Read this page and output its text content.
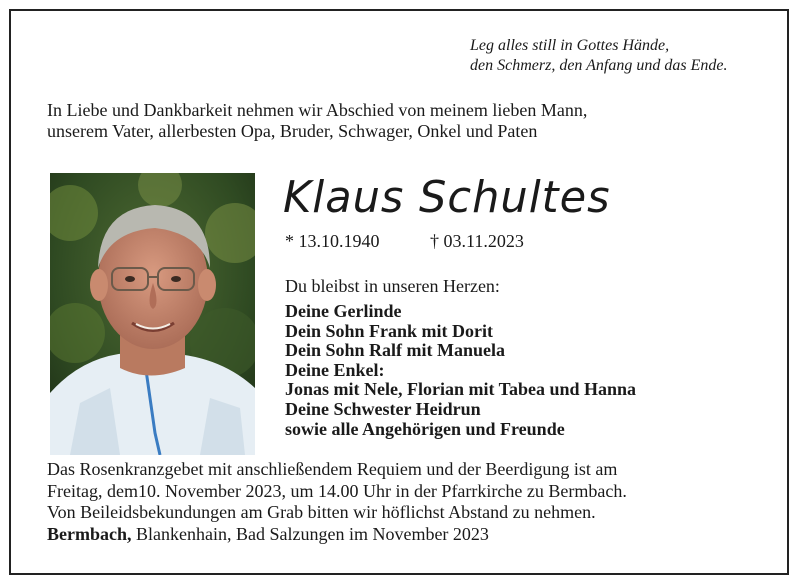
Leg alles still in Gottes Hände,
den Schmerz, den Anfang und das Ende.
In Liebe und Dankbarkeit nehmen wir Abschied von meinem lieben Mann,
unserem Vater, allerbesten Opa, Bruder, Schwager, Onkel und Paten
Klaus Schultes
* 13.10.1940	† 03.11.2023
Du bleibst in unseren Herzen:
Deine Gerlinde
Dein Sohn Frank mit Dorit
Dein Sohn Ralf mit Manuela
Deine Enkel:
Jonas mit Nele, Florian mit Tabea und Hanna
Deine Schwester Heidrun
sowie alle Angehörigen und Freunde
Das Rosenkranzgebet mit anschließendem Requiem und der Beerdigung ist am
Freitag, dem10. November 2023, um 14.00 Uhr in der Pfarrkirche zu Bermbach.
Von Beileidsbekundungen am Grab bitten wir höflichst Abstand zu nehmen.
Bermbach, Blankenhain, Bad Salzungen im November 2023
